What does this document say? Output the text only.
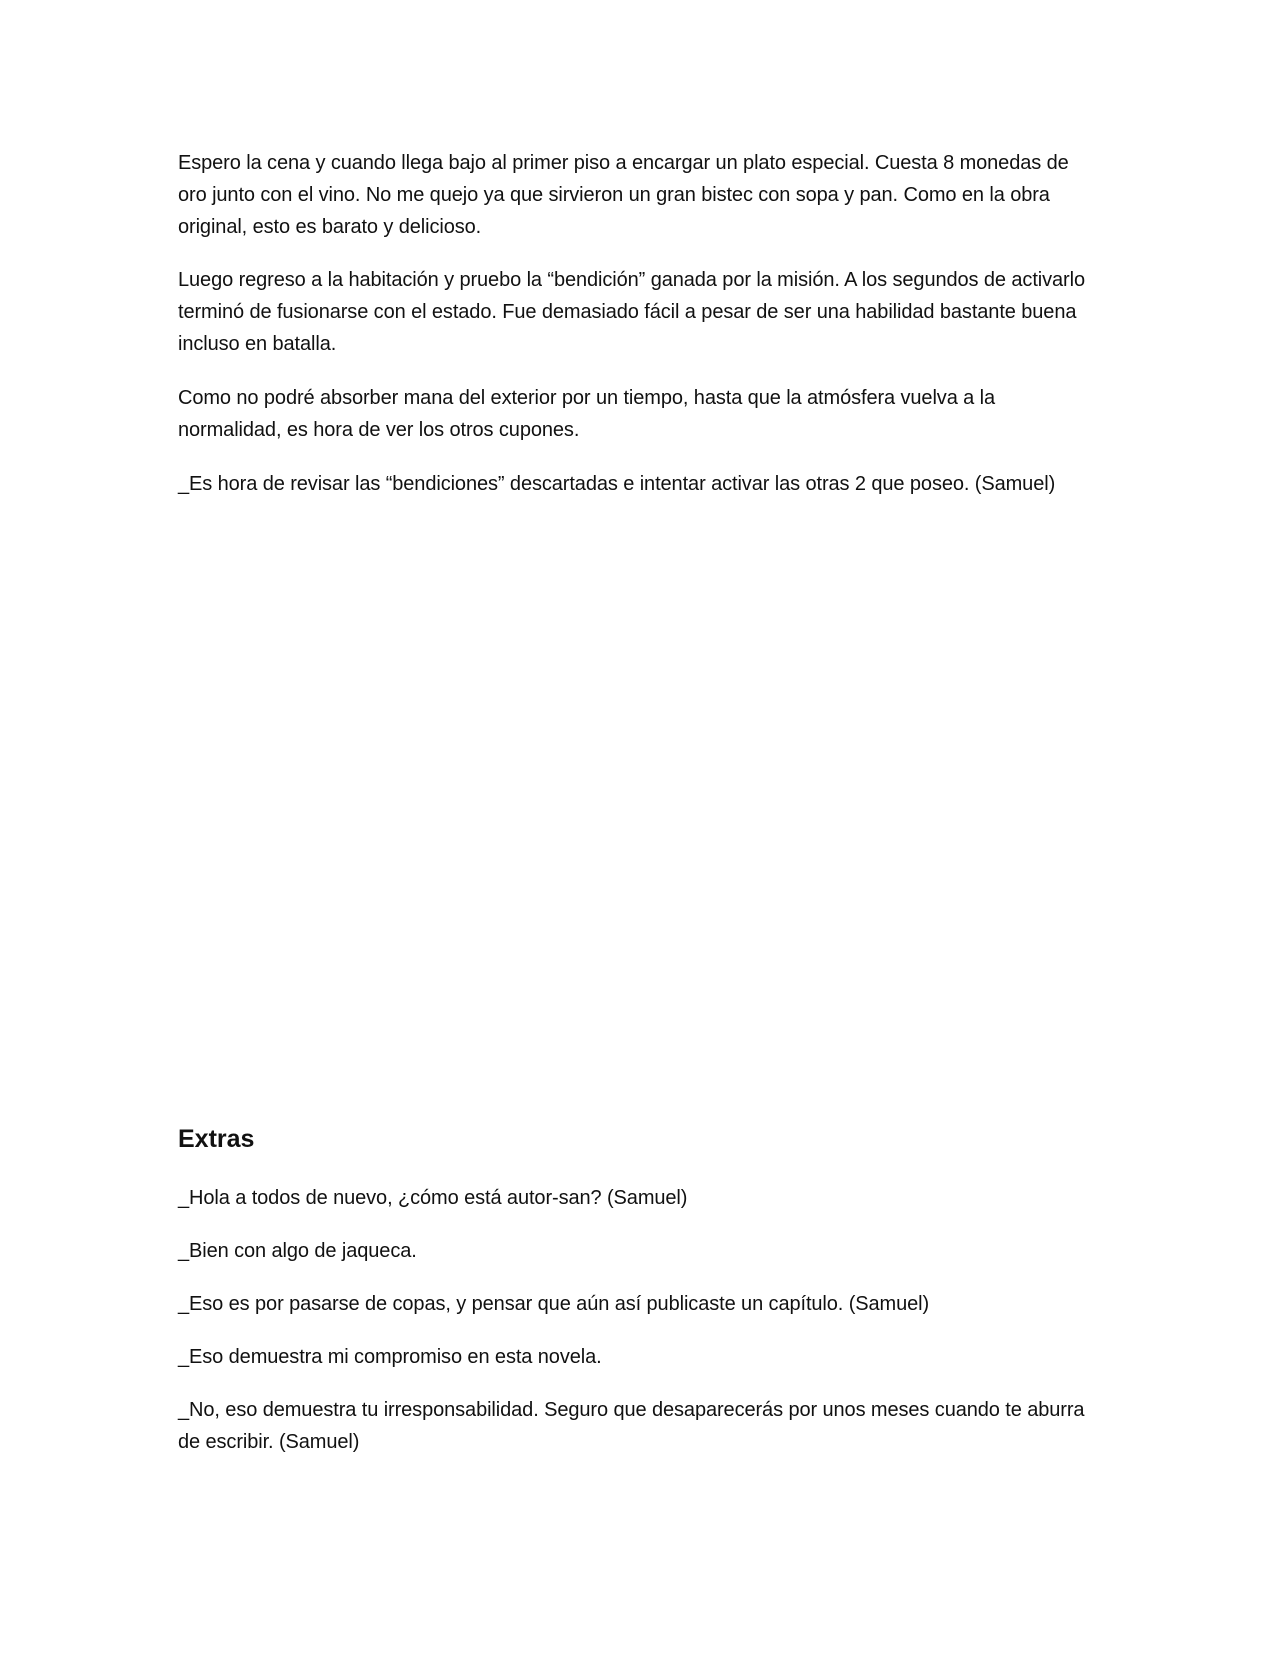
Espero la cena y cuando llega bajo al primer piso a encargar un plato especial. Cuesta 8 monedas de oro junto con el vino. No me quejo ya que sirvieron un gran bistec con sopa y pan. Como en la obra original, esto es barato y delicioso.

Luego regreso a la habitación y pruebo la “bendición” ganada por la misión. A los segundos de activarlo terminó de fusionarse con el estado. Fue demasiado fácil a pesar de ser una habilidad bastante buena incluso en batalla.

Como no podré absorber mana del exterior por un tiempo, hasta que la atmósfera vuelva a la normalidad, es hora de ver los otros cupones.

_Es hora de revisar las “bendiciones” descartadas e intentar activar las otras 2 que poseo. (Samuel)

Extras

_Hola a todos de nuevo, ¿cómo está autor-san? (Samuel)

_Bien con algo de jaqueca.

_Eso es por pasarse de copas, y pensar que aún así publicaste un capítulo. (Samuel)

_Eso demuestra mi compromiso en esta novela.

_No, eso demuestra tu irresponsabilidad. Seguro que desaparecerás por unos meses cuando te aburra de escribir. (Samuel)
